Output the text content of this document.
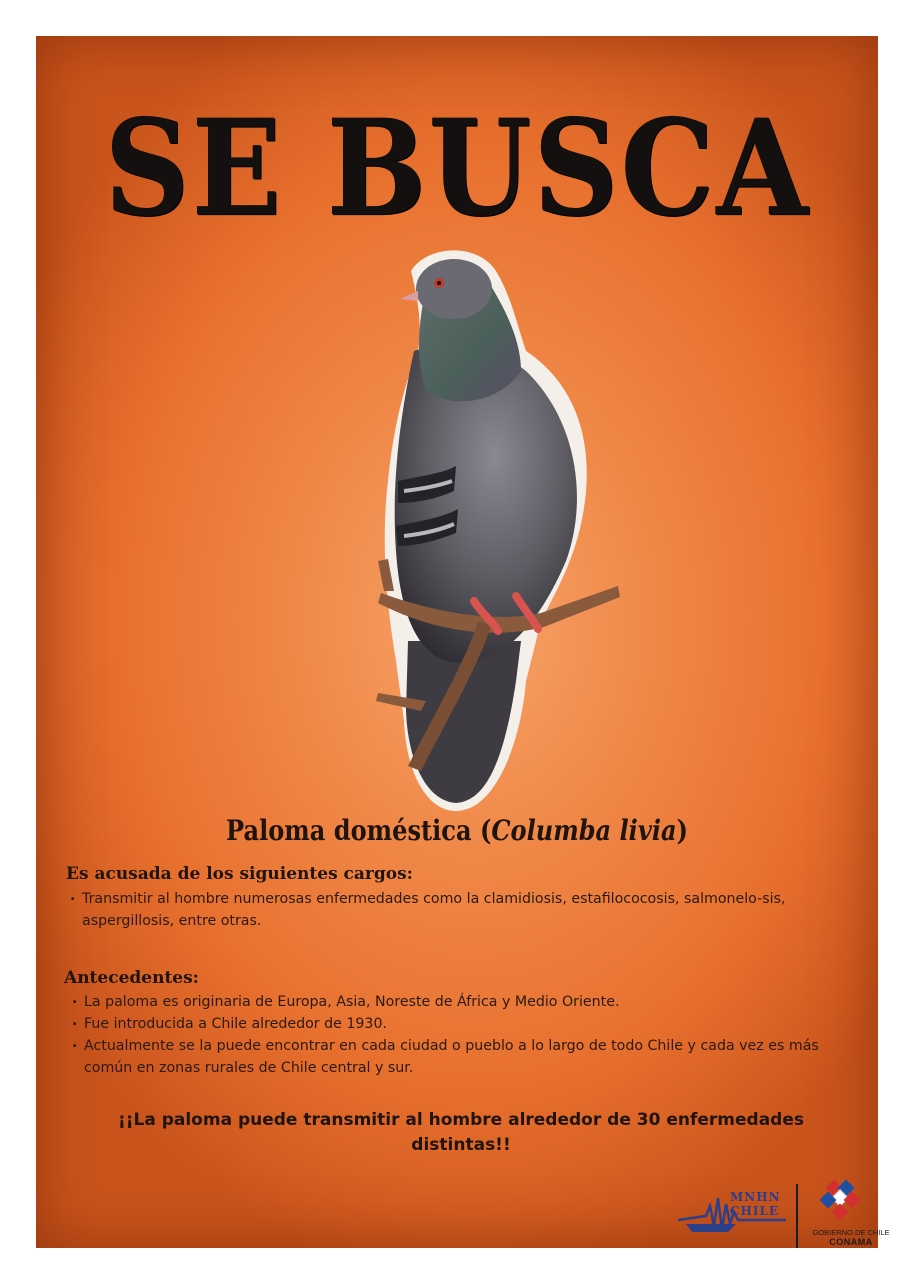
SE BUSCA
Paloma doméstica (Columba livia)
Es acusada de los siguientes cargos:
. Transmitir al hombre numerosas enfermedades como la clamidiosis, estafilococosis, salmonelo-sis, aspergillosis, entre otras.
Antecedentes:
. La paloma es originaria de Europa, Asia, Noreste de África y Medio Oriente.
. Fue introducida a Chile alrededor de 1930.
. Actualmente se la puede encontrar en cada ciudad o pueblo a lo largo de todo Chile y cada vez es más común en zonas rurales de Chile central y sur.

¡¡La paloma puede transmitir al hombre alrededor de 30 enfermedades distintas!!

MNHN
CHILE
GOBIERNO DE CHILE
CONAMA
